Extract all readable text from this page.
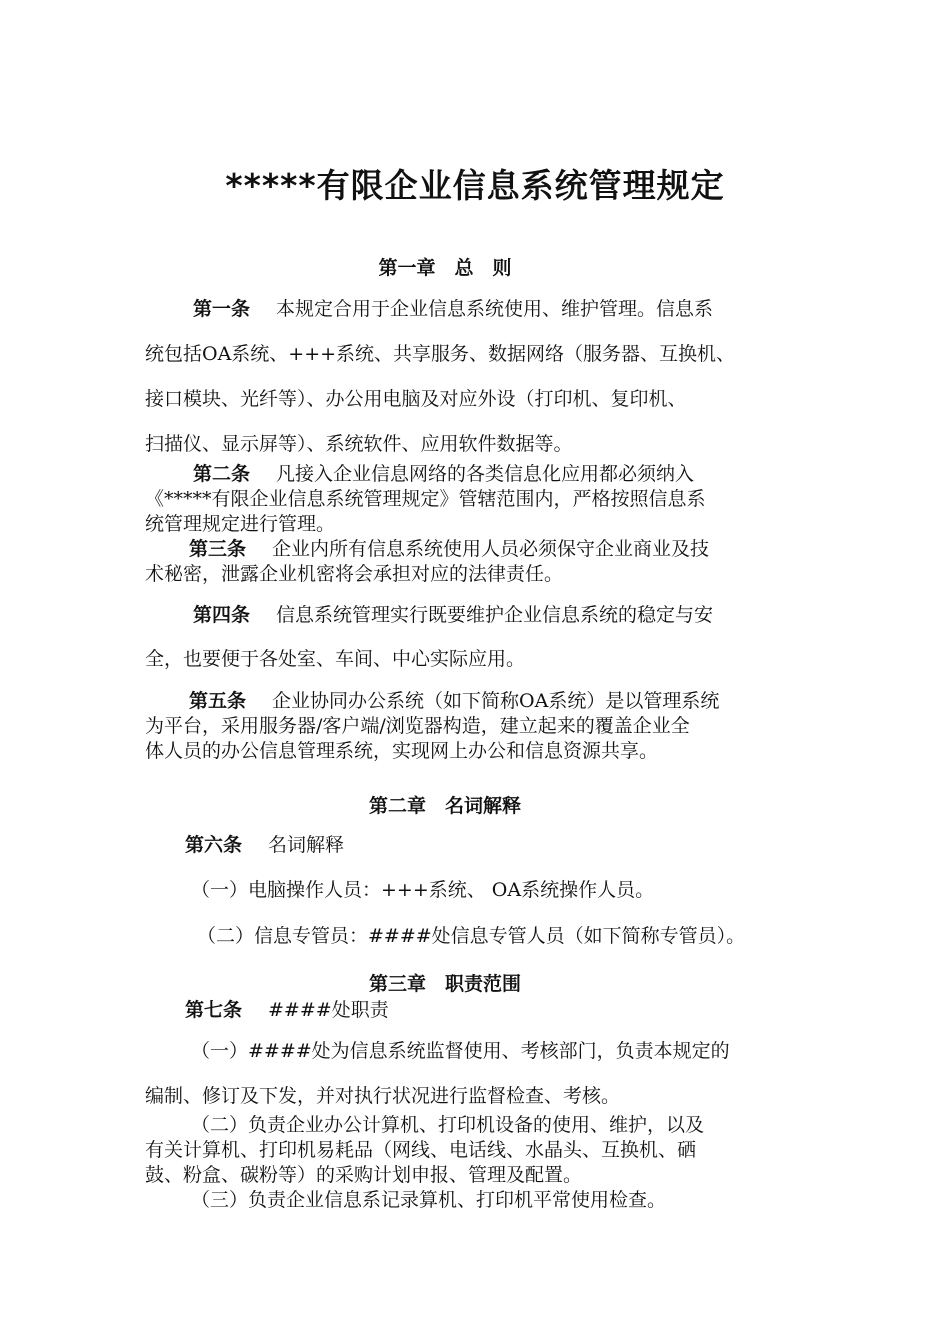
*****有限企业信息系统管理规定
第一章　总　则
第一条 本规定合用于企业信息系统使用、维护管理。信息系
统包括OA系统、+++系统、共享服务、数据网络（服务器、互换机、
接口模块、光纤等）、办公用电脑及对应外设（打印机、复印机、
扫描仪、显示屏等）、系统软件、应用软件数据等。
第二条 凡接入企业信息网络的各类信息化应用都必须纳入
《*****有限企业信息系统管理规定》管辖范围内，严格按照信息系
统管理规定进行管理。
第三条 企业内所有信息系统使用人员必须保守企业商业及技
术秘密，泄露企业机密将会承担对应的法律责任。
第四条 信息系统管理实行既要维护企业信息系统的稳定与安
全，也要便于各处室、车间、中心实际应用。
第五条 企业协同办公系统（如下简称OA系统）是以管理系统
为平台，采用服务器/客户端/浏览器构造，建立起来的覆盖企业全
体人员的办公信息管理系统，实现网上办公和信息资源共享。
第二章　名词解释
第六条 名词解释
（一）电脑操作人员：+++系统、 OA系统操作人员。
（二）信息专管员：####处信息专管人员（如下简称专管员）。
第三章　职责范围
第七条 ####处职责
（一）####处为信息系统监督使用、考核部门，负责本规定的
编制、修订及下发，并对执行状况进行监督检查、考核。
（二）负责企业办公计算机、打印机设备的使用、维护，以及
有关计算机、打印机易耗品（网线、电话线、水晶头、互换机、硒
鼓、粉盒、碳粉等）的采购计划申报、管理及配置。
（三）负责企业信息系记录算机、打印机平常使用检查。
